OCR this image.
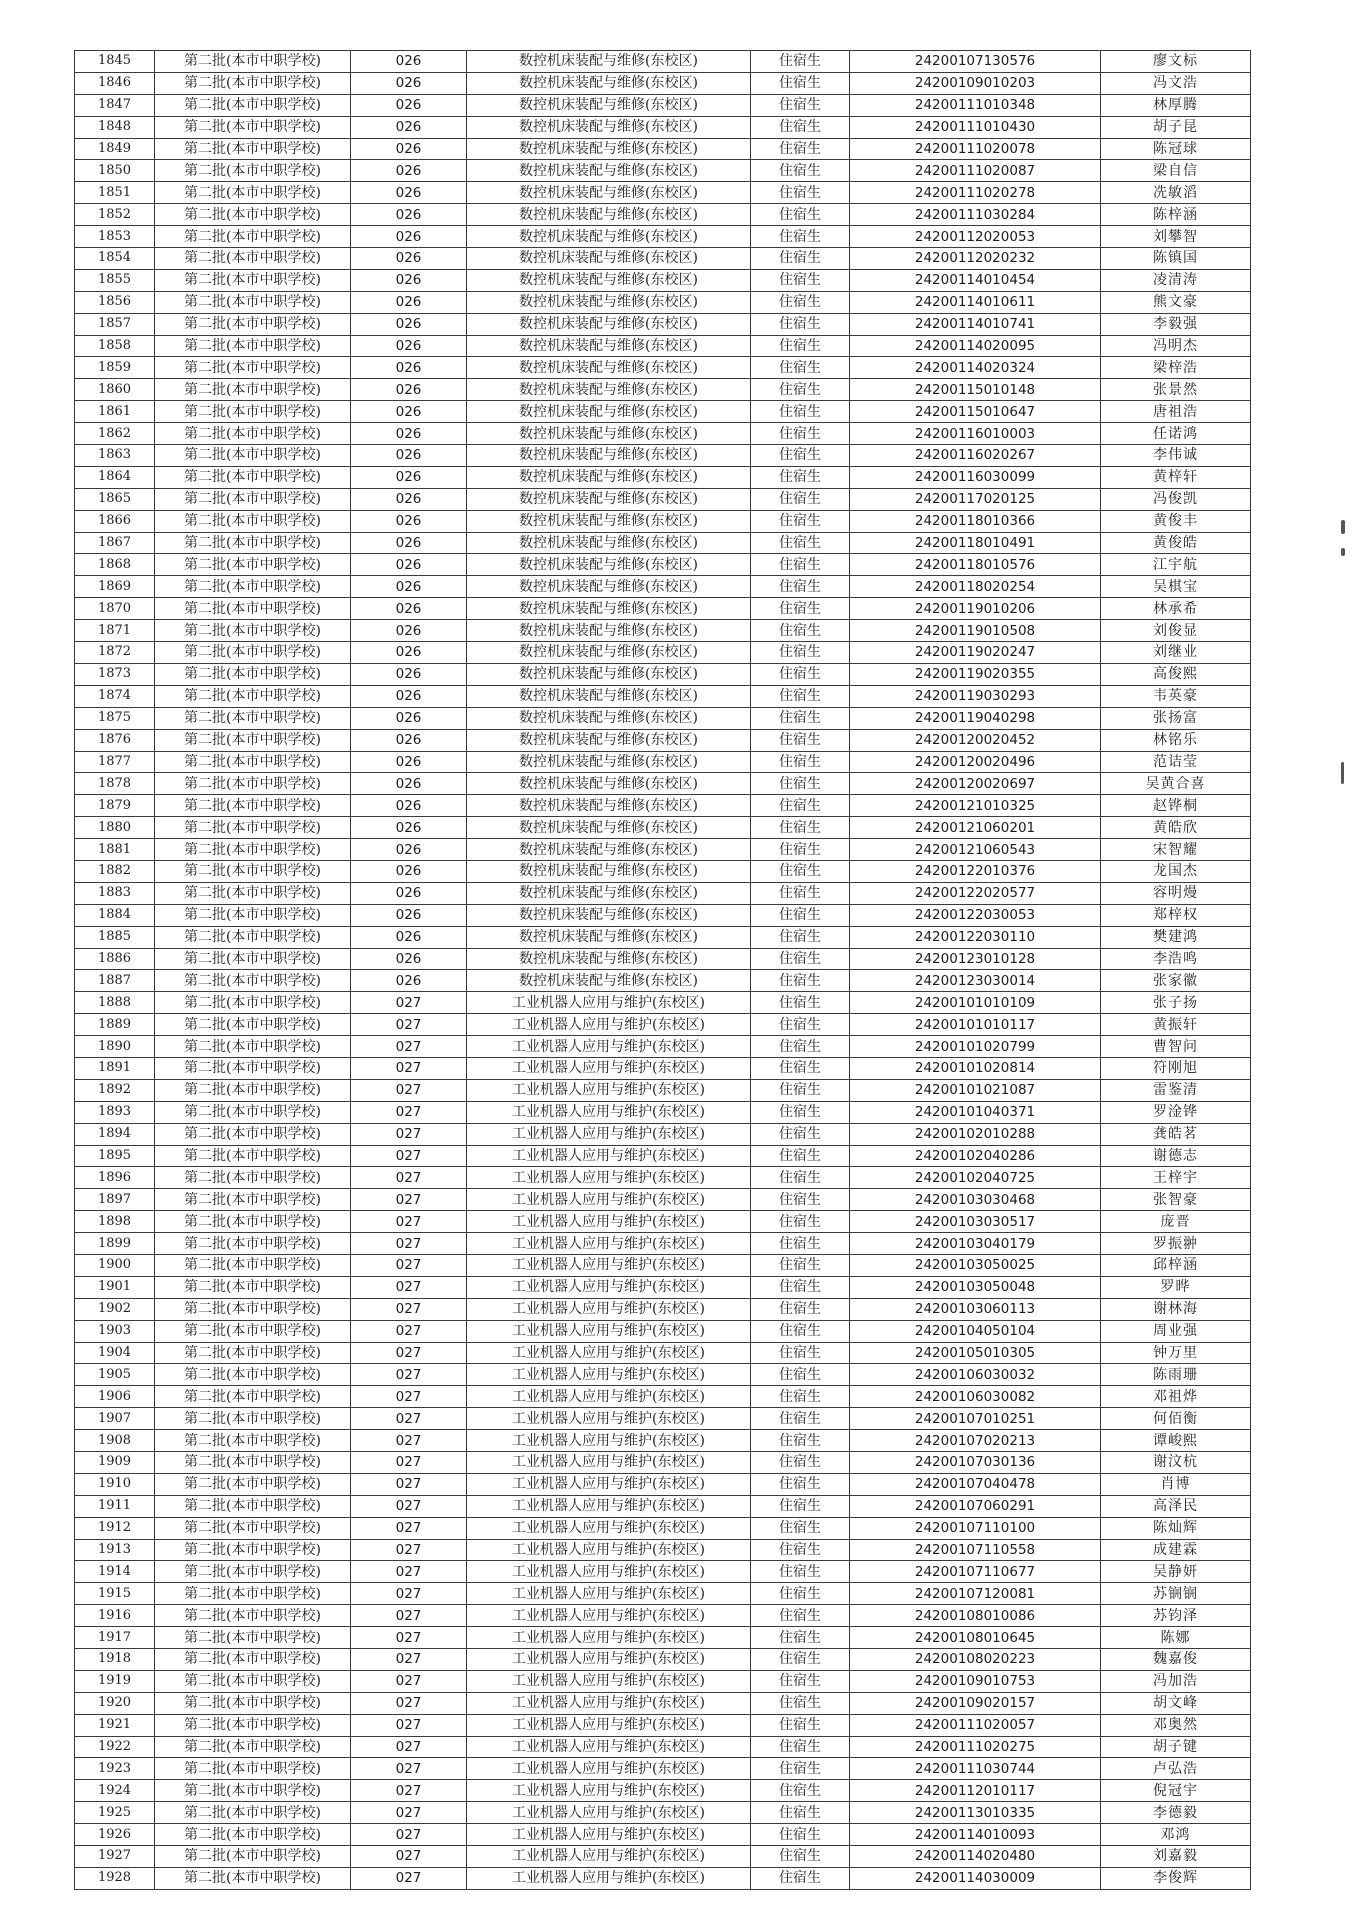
1845	第二批(本市中职学校)	026	数控机床装配与维修(东校区)	住宿生	24200107130576	廖文标
1846	第二批(本市中职学校)	026	数控机床装配与维修(东校区)	住宿生	24200109010203	冯文浩
1847	第二批(本市中职学校)	026	数控机床装配与维修(东校区)	住宿生	24200111010348	林厚腾
1848	第二批(本市中职学校)	026	数控机床装配与维修(东校区)	住宿生	24200111010430	胡子昆
1849	第二批(本市中职学校)	026	数控机床装配与维修(东校区)	住宿生	24200111020078	陈冠球
1850	第二批(本市中职学校)	026	数控机床装配与维修(东校区)	住宿生	24200111020087	梁自信
1851	第二批(本市中职学校)	026	数控机床装配与维修(东校区)	住宿生	24200111020278	冼敏滔
1852	第二批(本市中职学校)	026	数控机床装配与维修(东校区)	住宿生	24200111030284	陈梓涵
1853	第二批(本市中职学校)	026	数控机床装配与维修(东校区)	住宿生	24200112020053	刘攀智
1854	第二批(本市中职学校)	026	数控机床装配与维修(东校区)	住宿生	24200112020232	陈镇国
1855	第二批(本市中职学校)	026	数控机床装配与维修(东校区)	住宿生	24200114010454	凌清涛
1856	第二批(本市中职学校)	026	数控机床装配与维修(东校区)	住宿生	24200114010611	熊文豪
1857	第二批(本市中职学校)	026	数控机床装配与维修(东校区)	住宿生	24200114010741	李毅强
1858	第二批(本市中职学校)	026	数控机床装配与维修(东校区)	住宿生	24200114020095	冯明杰
1859	第二批(本市中职学校)	026	数控机床装配与维修(东校区)	住宿生	24200114020324	梁梓浩
1860	第二批(本市中职学校)	026	数控机床装配与维修(东校区)	住宿生	24200115010148	张景然
1861	第二批(本市中职学校)	026	数控机床装配与维修(东校区)	住宿生	24200115010647	唐祖浩
1862	第二批(本市中职学校)	026	数控机床装配与维修(东校区)	住宿生	24200116010003	任诺鸿
1863	第二批(本市中职学校)	026	数控机床装配与维修(东校区)	住宿生	24200116020267	李伟诚
1864	第二批(本市中职学校)	026	数控机床装配与维修(东校区)	住宿生	24200116030099	黄梓轩
1865	第二批(本市中职学校)	026	数控机床装配与维修(东校区)	住宿生	24200117020125	冯俊凯
1866	第二批(本市中职学校)	026	数控机床装配与维修(东校区)	住宿生	24200118010366	黄俊丰
1867	第二批(本市中职学校)	026	数控机床装配与维修(东校区)	住宿生	24200118010491	黄俊皓
1868	第二批(本市中职学校)	026	数控机床装配与维修(东校区)	住宿生	24200118010576	江宇航
1869	第二批(本市中职学校)	026	数控机床装配与维修(东校区)	住宿生	24200118020254	吴棋宝
1870	第二批(本市中职学校)	026	数控机床装配与维修(东校区)	住宿生	24200119010206	林承希
1871	第二批(本市中职学校)	026	数控机床装配与维修(东校区)	住宿生	24200119010508	刘俊显
1872	第二批(本市中职学校)	026	数控机床装配与维修(东校区)	住宿生	24200119020247	刘继业
1873	第二批(本市中职学校)	026	数控机床装配与维修(东校区)	住宿生	24200119020355	高俊熙
1874	第二批(本市中职学校)	026	数控机床装配与维修(东校区)	住宿生	24200119030293	韦英豪
1875	第二批(本市中职学校)	026	数控机床装配与维修(东校区)	住宿生	24200119040298	张扬富
1876	第二批(本市中职学校)	026	数控机床装配与维修(东校区)	住宿生	24200120020452	林铭乐
1877	第二批(本市中职学校)	026	数控机床装配与维修(东校区)	住宿生	24200120020496	范诘莹
1878	第二批(本市中职学校)	026	数控机床装配与维修(东校区)	住宿生	24200120020697	吴黄合喜
1879	第二批(本市中职学校)	026	数控机床装配与维修(东校区)	住宿生	24200121010325	赵铧桐
1880	第二批(本市中职学校)	026	数控机床装配与维修(东校区)	住宿生	24200121060201	黄皓欣
1881	第二批(本市中职学校)	026	数控机床装配与维修(东校区)	住宿生	24200121060543	宋智耀
1882	第二批(本市中职学校)	026	数控机床装配与维修(东校区)	住宿生	24200122010376	龙国杰
1883	第二批(本市中职学校)	026	数控机床装配与维修(东校区)	住宿生	24200122020577	容明熳
1884	第二批(本市中职学校)	026	数控机床装配与维修(东校区)	住宿生	24200122030053	郑梓权
1885	第二批(本市中职学校)	026	数控机床装配与维修(东校区)	住宿生	24200122030110	樊建鸿
1886	第二批(本市中职学校)	026	数控机床装配与维修(东校区)	住宿生	24200123010128	李浩鸣
1887	第二批(本市中职学校)	026	数控机床装配与维修(东校区)	住宿生	24200123030014	张家徽
1888	第二批(本市中职学校)	027	工业机器人应用与维护(东校区)	住宿生	24200101010109	张子扬
1889	第二批(本市中职学校)	027	工业机器人应用与维护(东校区)	住宿生	24200101010117	黄振轩
1890	第二批(本市中职学校)	027	工业机器人应用与维护(东校区)	住宿生	24200101020799	曹智问
1891	第二批(本市中职学校)	027	工业机器人应用与维护(东校区)	住宿生	24200101020814	符刚旭
1892	第二批(本市中职学校)	027	工业机器人应用与维护(东校区)	住宿生	24200101021087	雷鉴清
1893	第二批(本市中职学校)	027	工业机器人应用与维护(东校区)	住宿生	24200101040371	罗淦铧
1894	第二批(本市中职学校)	027	工业机器人应用与维护(东校区)	住宿生	24200102010288	龚皓茗
1895	第二批(本市中职学校)	027	工业机器人应用与维护(东校区)	住宿生	24200102040286	谢德志
1896	第二批(本市中职学校)	027	工业机器人应用与维护(东校区)	住宿生	24200102040725	王梓宇
1897	第二批(本市中职学校)	027	工业机器人应用与维护(东校区)	住宿生	24200103030468	张智豪
1898	第二批(本市中职学校)	027	工业机器人应用与维护(东校区)	住宿生	24200103030517	庞晋
1899	第二批(本市中职学校)	027	工业机器人应用与维护(东校区)	住宿生	24200103040179	罗振翀
1900	第二批(本市中职学校)	027	工业机器人应用与维护(东校区)	住宿生	24200103050025	邱梓涵
1901	第二批(本市中职学校)	027	工业机器人应用与维护(东校区)	住宿生	24200103050048	罗晔
1902	第二批(本市中职学校)	027	工业机器人应用与维护(东校区)	住宿生	24200103060113	谢林海
1903	第二批(本市中职学校)	027	工业机器人应用与维护(东校区)	住宿生	24200104050104	周业强
1904	第二批(本市中职学校)	027	工业机器人应用与维护(东校区)	住宿生	24200105010305	钟万里
1905	第二批(本市中职学校)	027	工业机器人应用与维护(东校区)	住宿生	24200106030032	陈雨珊
1906	第二批(本市中职学校)	027	工业机器人应用与维护(东校区)	住宿生	24200106030082	邓祖烨
1907	第二批(本市中职学校)	027	工业机器人应用与维护(东校区)	住宿生	24200107010251	何佰衡
1908	第二批(本市中职学校)	027	工业机器人应用与维护(东校区)	住宿生	24200107020213	谭峻熙
1909	第二批(本市中职学校)	027	工业机器人应用与维护(东校区)	住宿生	24200107030136	谢汶杭
1910	第二批(本市中职学校)	027	工业机器人应用与维护(东校区)	住宿生	24200107040478	肖博
1911	第二批(本市中职学校)	027	工业机器人应用与维护(东校区)	住宿生	24200107060291	高泽民
1912	第二批(本市中职学校)	027	工业机器人应用与维护(东校区)	住宿生	24200107110100	陈灿辉
1913	第二批(本市中职学校)	027	工业机器人应用与维护(东校区)	住宿生	24200107110558	成建霖
1914	第二批(本市中职学校)	027	工业机器人应用与维护(东校区)	住宿生	24200107110677	吴静妍
1915	第二批(本市中职学校)	027	工业机器人应用与维护(东校区)	住宿生	24200107120081	苏锎锎
1916	第二批(本市中职学校)	027	工业机器人应用与维护(东校区)	住宿生	24200108010086	苏钧泽
1917	第二批(本市中职学校)	027	工业机器人应用与维护(东校区)	住宿生	24200108010645	陈娜
1918	第二批(本市中职学校)	027	工业机器人应用与维护(东校区)	住宿生	24200108020223	魏嘉俊
1919	第二批(本市中职学校)	027	工业机器人应用与维护(东校区)	住宿生	24200109010753	冯加浩
1920	第二批(本市中职学校)	027	工业机器人应用与维护(东校区)	住宿生	24200109020157	胡文峰
1921	第二批(本市中职学校)	027	工业机器人应用与维护(东校区)	住宿生	24200111020057	邓奥然
1922	第二批(本市中职学校)	027	工业机器人应用与维护(东校区)	住宿生	24200111020275	胡子键
1923	第二批(本市中职学校)	027	工业机器人应用与维护(东校区)	住宿生	24200111030744	卢弘浩
1924	第二批(本市中职学校)	027	工业机器人应用与维护(东校区)	住宿生	24200112010117	倪冠宇
1925	第二批(本市中职学校)	027	工业机器人应用与维护(东校区)	住宿生	24200113010335	李德毅
1926	第二批(本市中职学校)	027	工业机器人应用与维护(东校区)	住宿生	24200114010093	邓鸿
1927	第二批(本市中职学校)	027	工业机器人应用与维护(东校区)	住宿生	24200114020480	刘嘉毅
1928	第二批(本市中职学校)	027	工业机器人应用与维护(东校区)	住宿生	24200114030009	李俊辉
